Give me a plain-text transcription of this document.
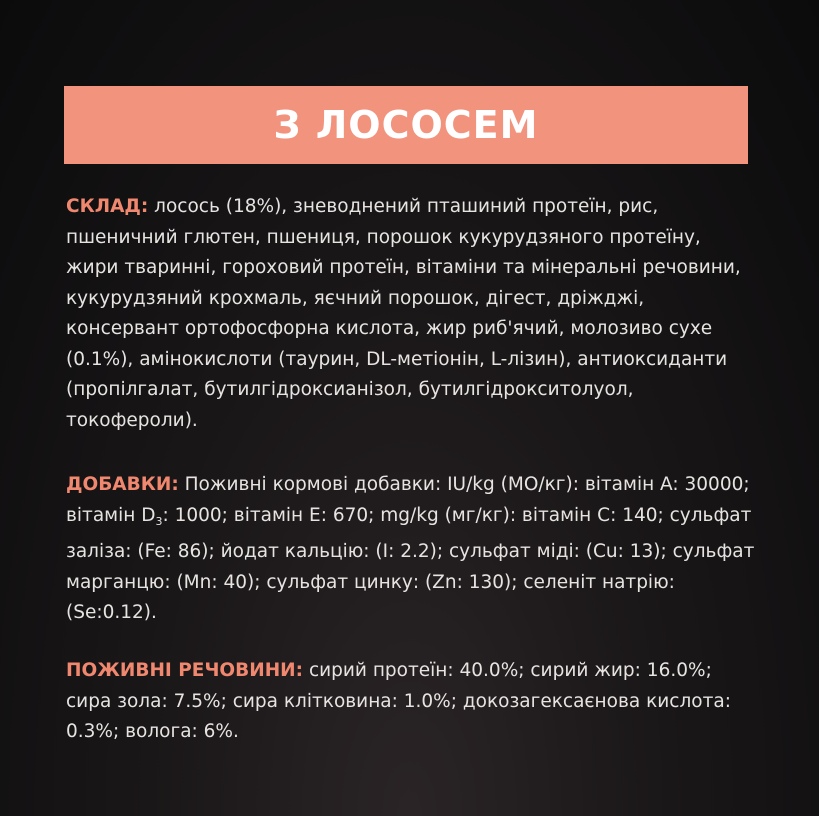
З ЛОСОСЕМ

СКЛАД: лосось (18%), зневоднений пташиний протеїн, рис, пшеничний глютен, пшениця, порошок кукурудзяного протеїну, жири тваринні, гороховий протеїн, вітаміни та мінеральні речовини, кукурудзяний крохмаль, яєчний порошок, дігест, дріжджі, консервант ортофосфорна кислота, жир риб'ячий, молозиво сухе (0.1%), амінокислоти (таурин, DL-метіонін, L-лізин), антиоксиданти (пропілгалат, бутилгідроксианізол, бутилгідрокситолуол, токофероли).

ДОБАВКИ: Поживні кормові добавки: IU/kg (МО/кг): вітамін A: 30000; вітамін $D_3$: 1000; вітамін E: 670; mg/kg (мг/кг): вітамін C: 140; сульфат заліза: (Fe: 86); йодат кальцію: (I: 2.2); сульфат міді: (Cu: 13); сульфат марганцю: (Mn: 40); сульфат цинку: (Zn: 130); селеніт натрію: (Se:0.12).

ПОЖИВНІ РЕЧОВИНИ: сирий протеїн: 40.0%; сирий жир: 16.0%; сира зола: 7.5%; сира клітковина: 1.0%; докозагексаєнова кислота: 0.3%; волога: 6%.
